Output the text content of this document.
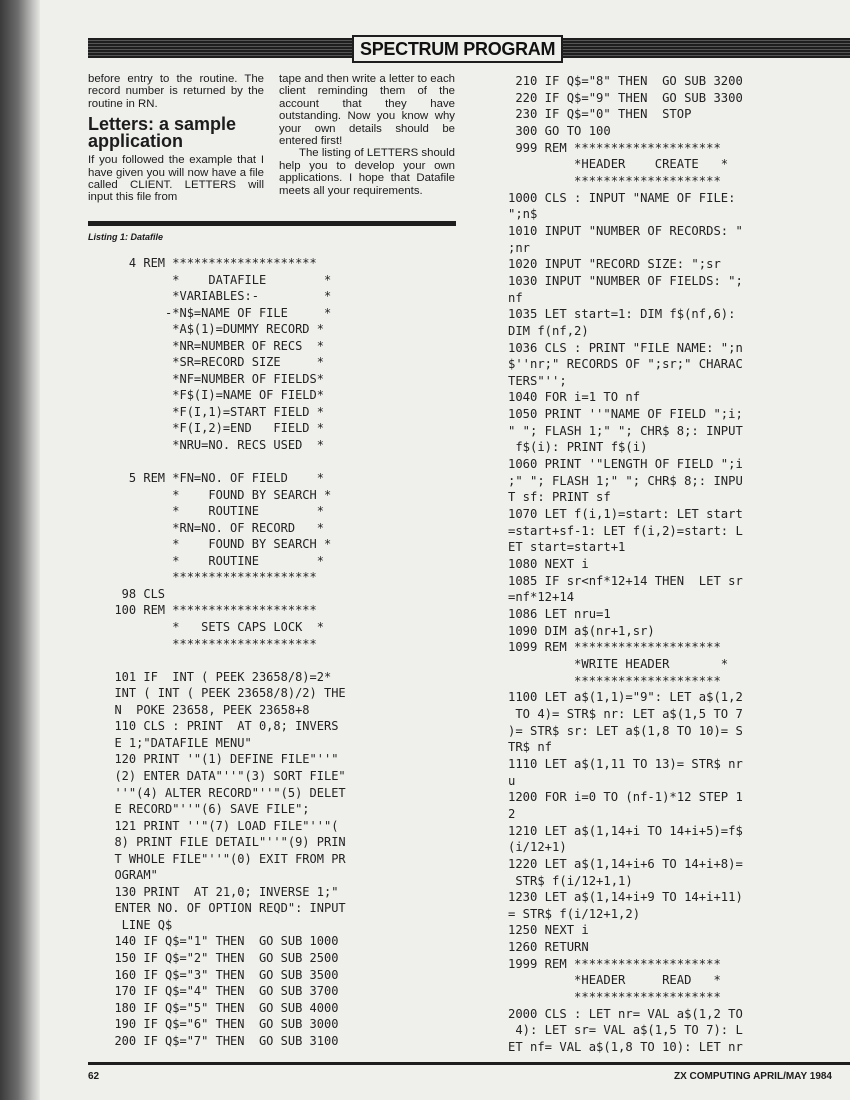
SPECTRUM PROGRAM

before entry to the routine. The record number is returned by the routine in RN.

Letters: a sample application

If you followed the example that I have given you will now have a file called CLIENT. LETTERS will input this file from

tape and then write a letter to each client reminding them of the account that they have outstanding. Now you know why your own details should be entered first!

The listing of LETTERS should help you to develop your own applications. I hope that Datafile meets all your requirements.

Listing 1: Datafile
4 REM ********************
*    DATAFILE        *
*VARIABLES:-         *
-*N$=NAME OF FILE     *
*A$(1)=DUMMY RECORD *
*NR=NUMBER OF RECS  *
*SR=RECORD SIZE     *
*NF=NUMBER OF FIELDS*
*F$(I)=NAME OF FIELD*
*F(I,1)=START FIELD *
*F(I,2)=END   FIELD *
*NRU=NO. RECS USED  *
5 REM *FN=NO. OF FIELD    *
*    FOUND BY SEARCH *
*    ROUTINE        *
*RN=NO. OF RECORD   *
*    FOUND BY SEARCH *
*    ROUTINE        *
********************
98 CLS
100 REM ********************
*   SETS CAPS LOCK  *
********************
101 IF  INT ( PEEK 23658/8)=2*
INT ( INT ( PEEK 23658/8)/2) THE
N  POKE 23658, PEEK 23658+8
110 CLS : PRINT  AT 0,8; INVERS
E 1;"DATAFILE MENU"
120 PRINT '"(1) DEFINE FILE"''"
(2) ENTER DATA"''"(3) SORT FILE"
''"(4) ALTER RECORD"''"(5) DELET
E RECORD"''"(6) SAVE FILE";
121 PRINT ''"(7) LOAD FILE"''"(
8) PRINT FILE DETAIL"''"(9) PRIN
T WHOLE FILE"''"(0) EXIT FROM PR
OGRAM"
130 PRINT  AT 21,0; INVERSE 1;"
ENTER NO. OF OPTION REQD": INPUT
LINE Q$
140 IF Q$="1" THEN  GO SUB 1000
150 IF Q$="2" THEN  GO SUB 2500
160 IF Q$="3" THEN  GO SUB 3500
170 IF Q$="4" THEN  GO SUB 3700
180 IF Q$="5" THEN  GO SUB 4000
190 IF Q$="6" THEN  GO SUB 3000
200 IF Q$="7" THEN  GO SUB 3100
210 IF Q$="8" THEN  GO SUB 3200
220 IF Q$="9" THEN  GO SUB 3300
230 IF Q$="0" THEN  STOP
300 GO TO 100
999 REM ********************
*HEADER    CREATE   *
********************
1000 CLS : INPUT "NAME OF FILE:
";n$
1010 INPUT "NUMBER OF RECORDS: "
;nr
1020 INPUT "RECORD SIZE: ";sr
1030 INPUT "NUMBER OF FIELDS: ";
nf
1035 LET start=1: DIM f$(nf,6):
DIM f(nf,2)
1036 CLS : PRINT "FILE NAME: ";n
$''nr;" RECORDS OF ";sr;" CHARAC
TERS"'';
1040 FOR i=1 TO nf
1050 PRINT ''"NAME OF FIELD ";i;
" "; FLASH 1;" "; CHR$ 8;: INPUT
f$(i): PRINT f$(i)
1060 PRINT '"LENGTH OF FIELD ";i
;" "; FLASH 1;" "; CHR$ 8;: INPU
T sf: PRINT sf
1070 LET f(i,1)=start: LET start
=start+sf-1: LET f(i,2)=start: L
ET start=start+1
1080 NEXT i
1085 IF sr<nf*12+14 THEN  LET sr
=nf*12+14
1086 LET nru=1
1090 DIM a$(nr+1,sr)
1099 REM ********************
*WRITE HEADER       *
********************
1100 LET a$(1,1)="9": LET a$(1,2
TO 4)= STR$ nr: LET a$(1,5 TO 7
)= STR$ sr: LET a$(1,8 TO 10)= S
TR$ nf
1110 LET a$(1,11 TO 13)= STR$ nr
u
1200 FOR i=0 TO (nf-1)*12 STEP 1
2
1210 LET a$(1,14+i TO 14+i+5)=f$
(i/12+1)
1220 LET a$(1,14+i+6 TO 14+i+8)=
STR$ f(i/12+1,1)
1230 LET a$(1,14+i+9 TO 14+i+11)
= STR$ f(i/12+1,2)
1250 NEXT i
1260 RETURN
1999 REM ********************
*HEADER     READ   *
********************
2000 CLS : LET nr= VAL a$(1,2 TO
4): LET sr= VAL a$(1,5 TO 7): L
ET nf= VAL a$(1,8 TO 10): LET nr
62	ZX COMPUTING APRIL/MAY 1984
